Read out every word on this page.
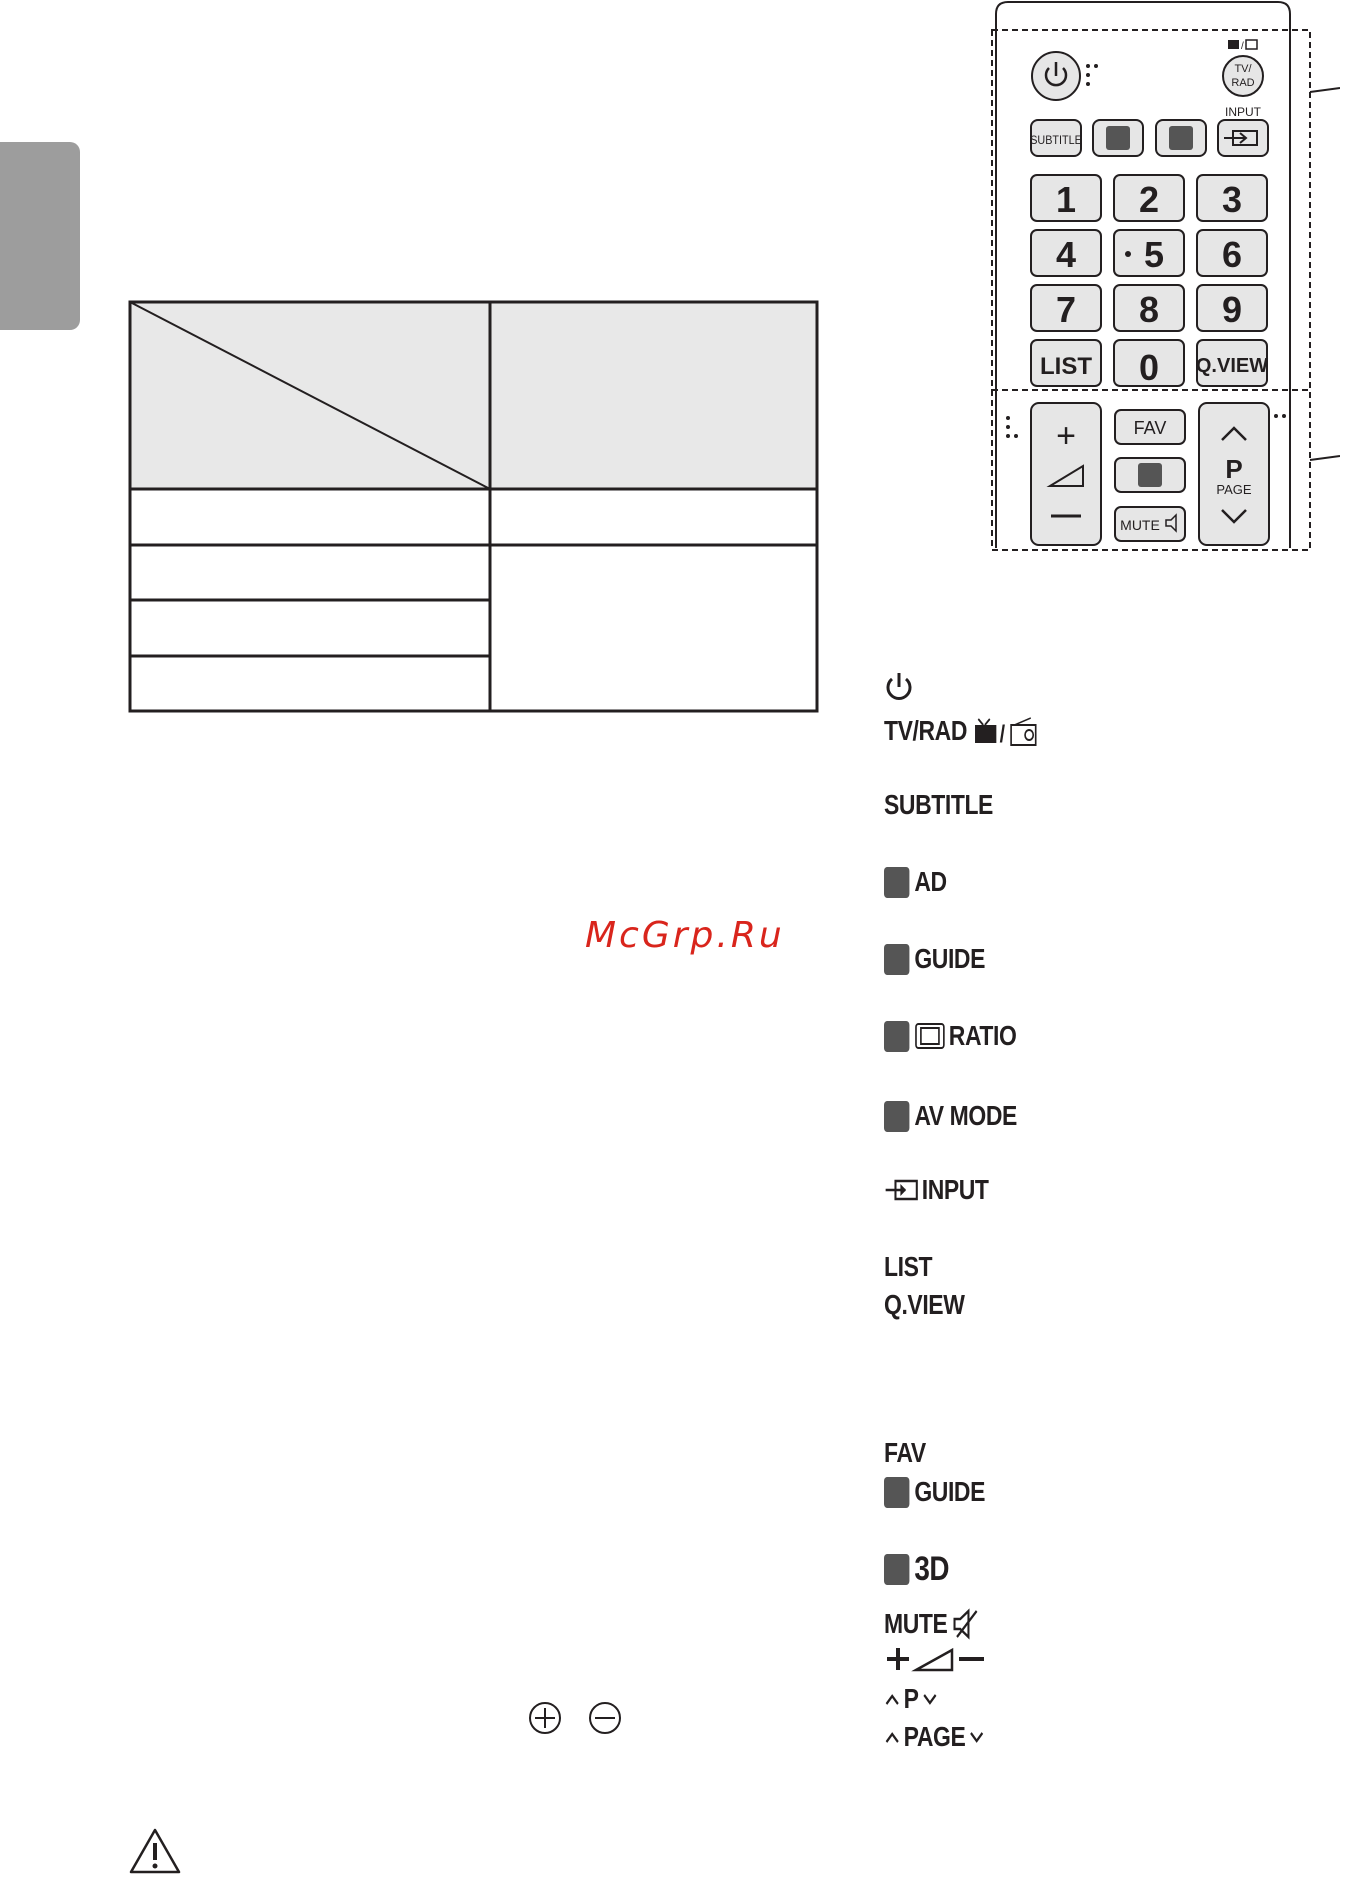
McGrp.Ru
TV/
RAD
/
SUBTITLE
INPUT
1 2 3
4 5 6
7 8 9
LIST 0 Q.VIEW
+	FAV
MUTE
P
PAGE
TV/RAD /
SUBTITLE
AD
GUIDE
RATIO
AV MODE
INPUT
LIST
Q.VIEW
FAV
GUIDE
3D
MUTE
P
PAGE
